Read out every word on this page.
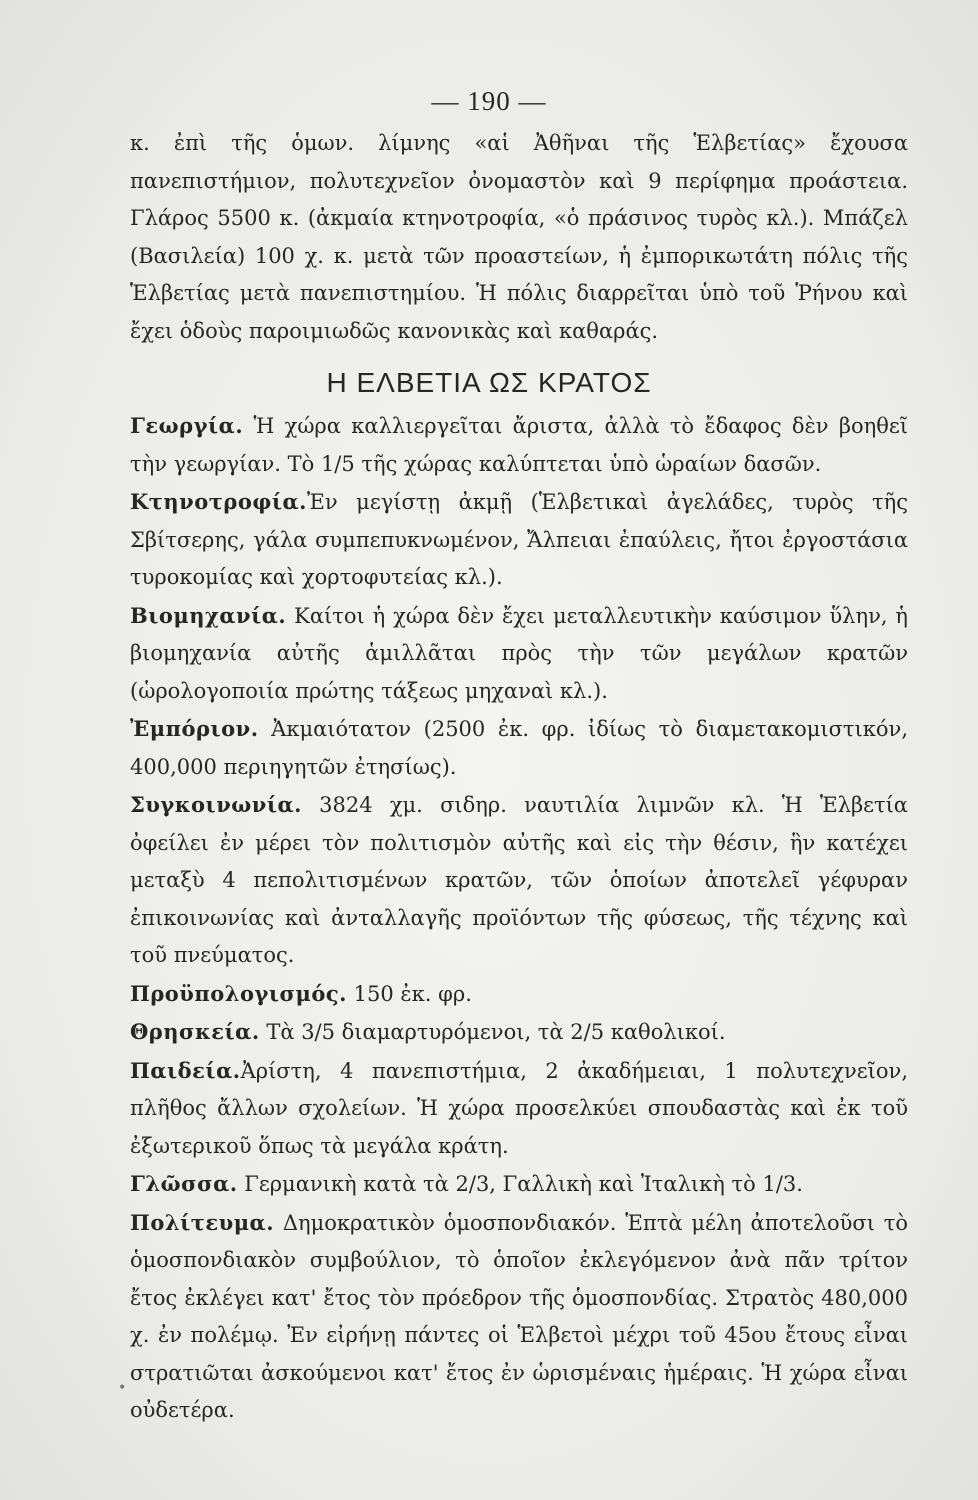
— 190 —
κ. ἐπὶ τῆς ὁμων. λίμνης «αἱ Ἀθῆναι τῆς Ἑλβετίας» ἔχουσα πανεπιστήμιον, πολυτεχνεῖον ὀνομαστὸν καὶ 9 περίφημα προάστεια. Γλάρος 5500 κ. (ἀκμαία κτηνοτροφία, «ὁ πράσινος τυρὸς κλ.). Μπάζελ (Βασιλεία) 100 χ. κ. μετὰ τῶν προαστείων, ἡ ἐμπορικωτάτη πόλις τῆς Ἑλβετίας μετὰ πανεπιστημίου. Ἡ πόλις διαρρεῖται ὑπὸ τοῦ Ῥήνου καὶ ἔχει ὁδοὺς παροιμιωδῶς κανονικὰς καὶ καθαράς.
Η ΕΛΒΕΤΙΑ ΩΣ ΚΡΑΤΟΣ

Γεωργία. Ἡ χώρα καλλιεργεῖται ἄριστα, ἀλλὰ τὸ ἔδαφος δὲν βοηθεῖ τὴν γεωργίαν. Τὸ 1/5 τῆς χώρας καλύπτεται ὑπὸ ὡραίων δασῶν.

Κτηνοτροφία.Ἐν μεγίστῃ ἀκμῇ (Ἑλβετικαὶ ἀγελάδες, τυρὸς τῆς Σβίτσερης, γάλα συμπεπυκνωμένον, Ἄλπειαι ἐπαύλεις, ἤτοι ἐργοστάσια τυροκομίας καὶ χορτοφυτείας κλ.).

Βιομηχανία. Καίτοι ἡ χώρα δὲν ἔχει μεταλλευτικὴν καύσιμον ὕλην, ἡ βιομηχανία αὐτῆς ἁμιλλᾶται πρὸς τὴν τῶν μεγάλων κρατῶν (ὡρολογοποιία πρώτης τάξεως μηχαναὶ κλ.).

Ἐμπόριον. Ἀκμαιότατον (2500 ἐκ. φρ. ἰδίως τὸ διαμετακομιστικόν, 400,000 περιηγητῶν ἐτησίως).

Συγκοινωνία. 3824 χμ. σιδηρ. ναυτιλία λιμνῶν κλ. Ἡ Ἑλβετία ὀφείλει ἐν μέρει τὸν πολιτισμὸν αὐτῆς καὶ εἰς τὴν θέσιν, ἣν κατέχει μεταξὺ 4 πεπολιτισμένων κρατῶν, τῶν ὁποίων ἀποτελεῖ γέφυραν ἐπικοινωνίας καὶ ἀνταλλαγῆς προϊόντων τῆς φύσεως, τῆς τέχνης καὶ τοῦ πνεύματος.

Προϋπολογισμός. 150 ἐκ. φρ.

Θρησκεία. Τὰ 3/5 διαμαρτυρόμενοι, τὰ 2/5 καθολικοί.

Παιδεία.Ἀρίστη, 4 πανεπιστήμια, 2 ἀκαδήμειαι, 1 πολυτεχνεῖον, πλῆθος ἄλλων σχολείων. Ἡ χώρα προσελκύει σπουδαστὰς καὶ ἐκ τοῦ ἐξωτερικοῦ ὅπως τὰ μεγάλα κράτη.

Γλῶσσα. Γερμανικὴ κατὰ τὰ 2/3, Γαλλικὴ καὶ Ἰταλικὴ τὸ 1/3.

Πολίτευμα. Δημοκρατικὸν ὁμοσπονδιακόν. Ἑπτὰ μέλη ἀποτελοῦσι τὸ ὁμοσπονδιακὸν συμβούλιον, τὸ ὁποῖον ἐκλεγόμενον ἀνὰ πᾶν τρίτον ἔτος ἐκλέγει κατ' ἔτος τὸν πρόεδρον τῆς ὁμοσπονδίας. Στρατὸς 480,000 χ. ἐν πολέμῳ. Ἐν εἰρήνῃ πάντες οἱ Ἑλβετοὶ μέχρι τοῦ 45ου ἔτους εἶναι στρατιῶται ἀσκούμενοι κατ' ἔτος ἐν ὡρισμέναις ἡμέραις. Ἡ χώρα εἶναι οὐδετέρα.

•
